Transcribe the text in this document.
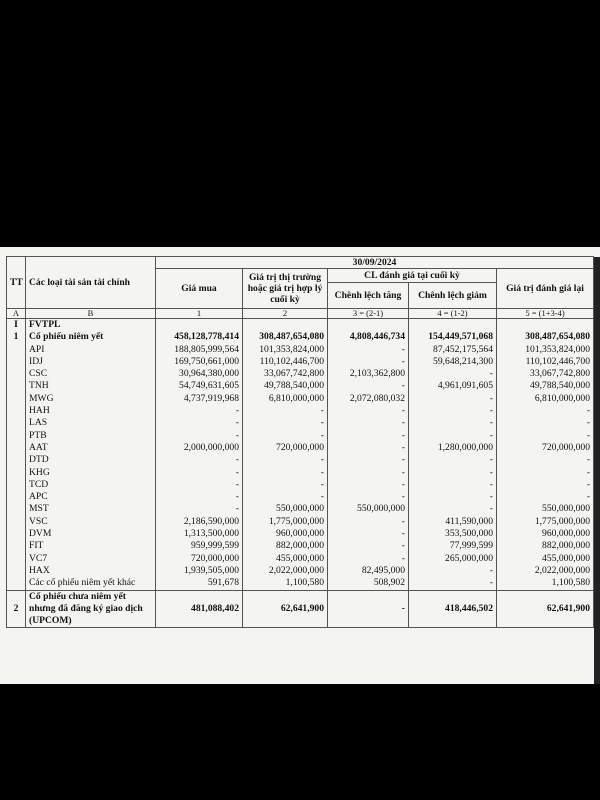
TT	Các loại tài sản tài chính	30/09/2024				
		Giá mua	Giá trị thị trường hoặc giá trị hợp lý cuối kỳ	CL đánh giá tại cuối kỳ		Giá trị đánh giá lại
				Chênh lệch tăng	Chênh lệch giảm	
A	B	1	2	3 = (2-1)	4 = (1-2)	5 = (1+3-4)
I	FVTPL					
1	Cổ phiếu niêm yết	458,128,778,414	308,487,654,080	4,808,446,734	154,449,571,068	308,487,654,080
	API	188,805,999,564	101,353,824,000	-	87,452,175,564	101,353,824,000
	IDJ	169,750,661,000	110,102,446,700	-	59,648,214,300	110,102,446,700
	CSC	30,964,380,000	33,067,742,800	2,103,362,800	-	33,067,742,800
	TNH	54,749,631,605	49,788,540,000	-	4,961,091,605	49,788,540,000
	MWG	4,737,919,968	6,810,000,000	2,072,080,032	-	6,810,000,000
	HAH	-	-	-	-	-
	LAS	-	-	-	-	-
	PTB	-	-	-	-	-
	AAT	2,000,000,000	720,000,000	-	1,280,000,000	720,000,000
	DTD	-	-	-	-	-
	KHG	-	-	-	-	-
	TCD	-	-	-	-	-
	APC	-	-	-	-	-
	MST	-	550,000,000	550,000,000	-	550,000,000
	VSC	2,186,590,000	1,775,000,000	-	411,590,000	1,775,000,000
	DVM	1,313,500,000	960,000,000	-	353,500,000	960,000,000
	FIT	959,999,599	882,000,000	-	77,999,599	882,000,000
	VC7	720,000,000	455,000,000	-	265,000,000	455,000,000
	HAX	1,939,505,000	2,022,000,000	82,495,000	-	2,022,000,000
	Các cổ phiếu niêm yết khác	591,678	1,100,580	508,902	-	1,100,580
2	Cổ phiếu chưa niêm yết nhưng đã đăng ký giao dịch (UPCOM)	481,088,402	62,641,900	-	418,446,502	62,641,900
